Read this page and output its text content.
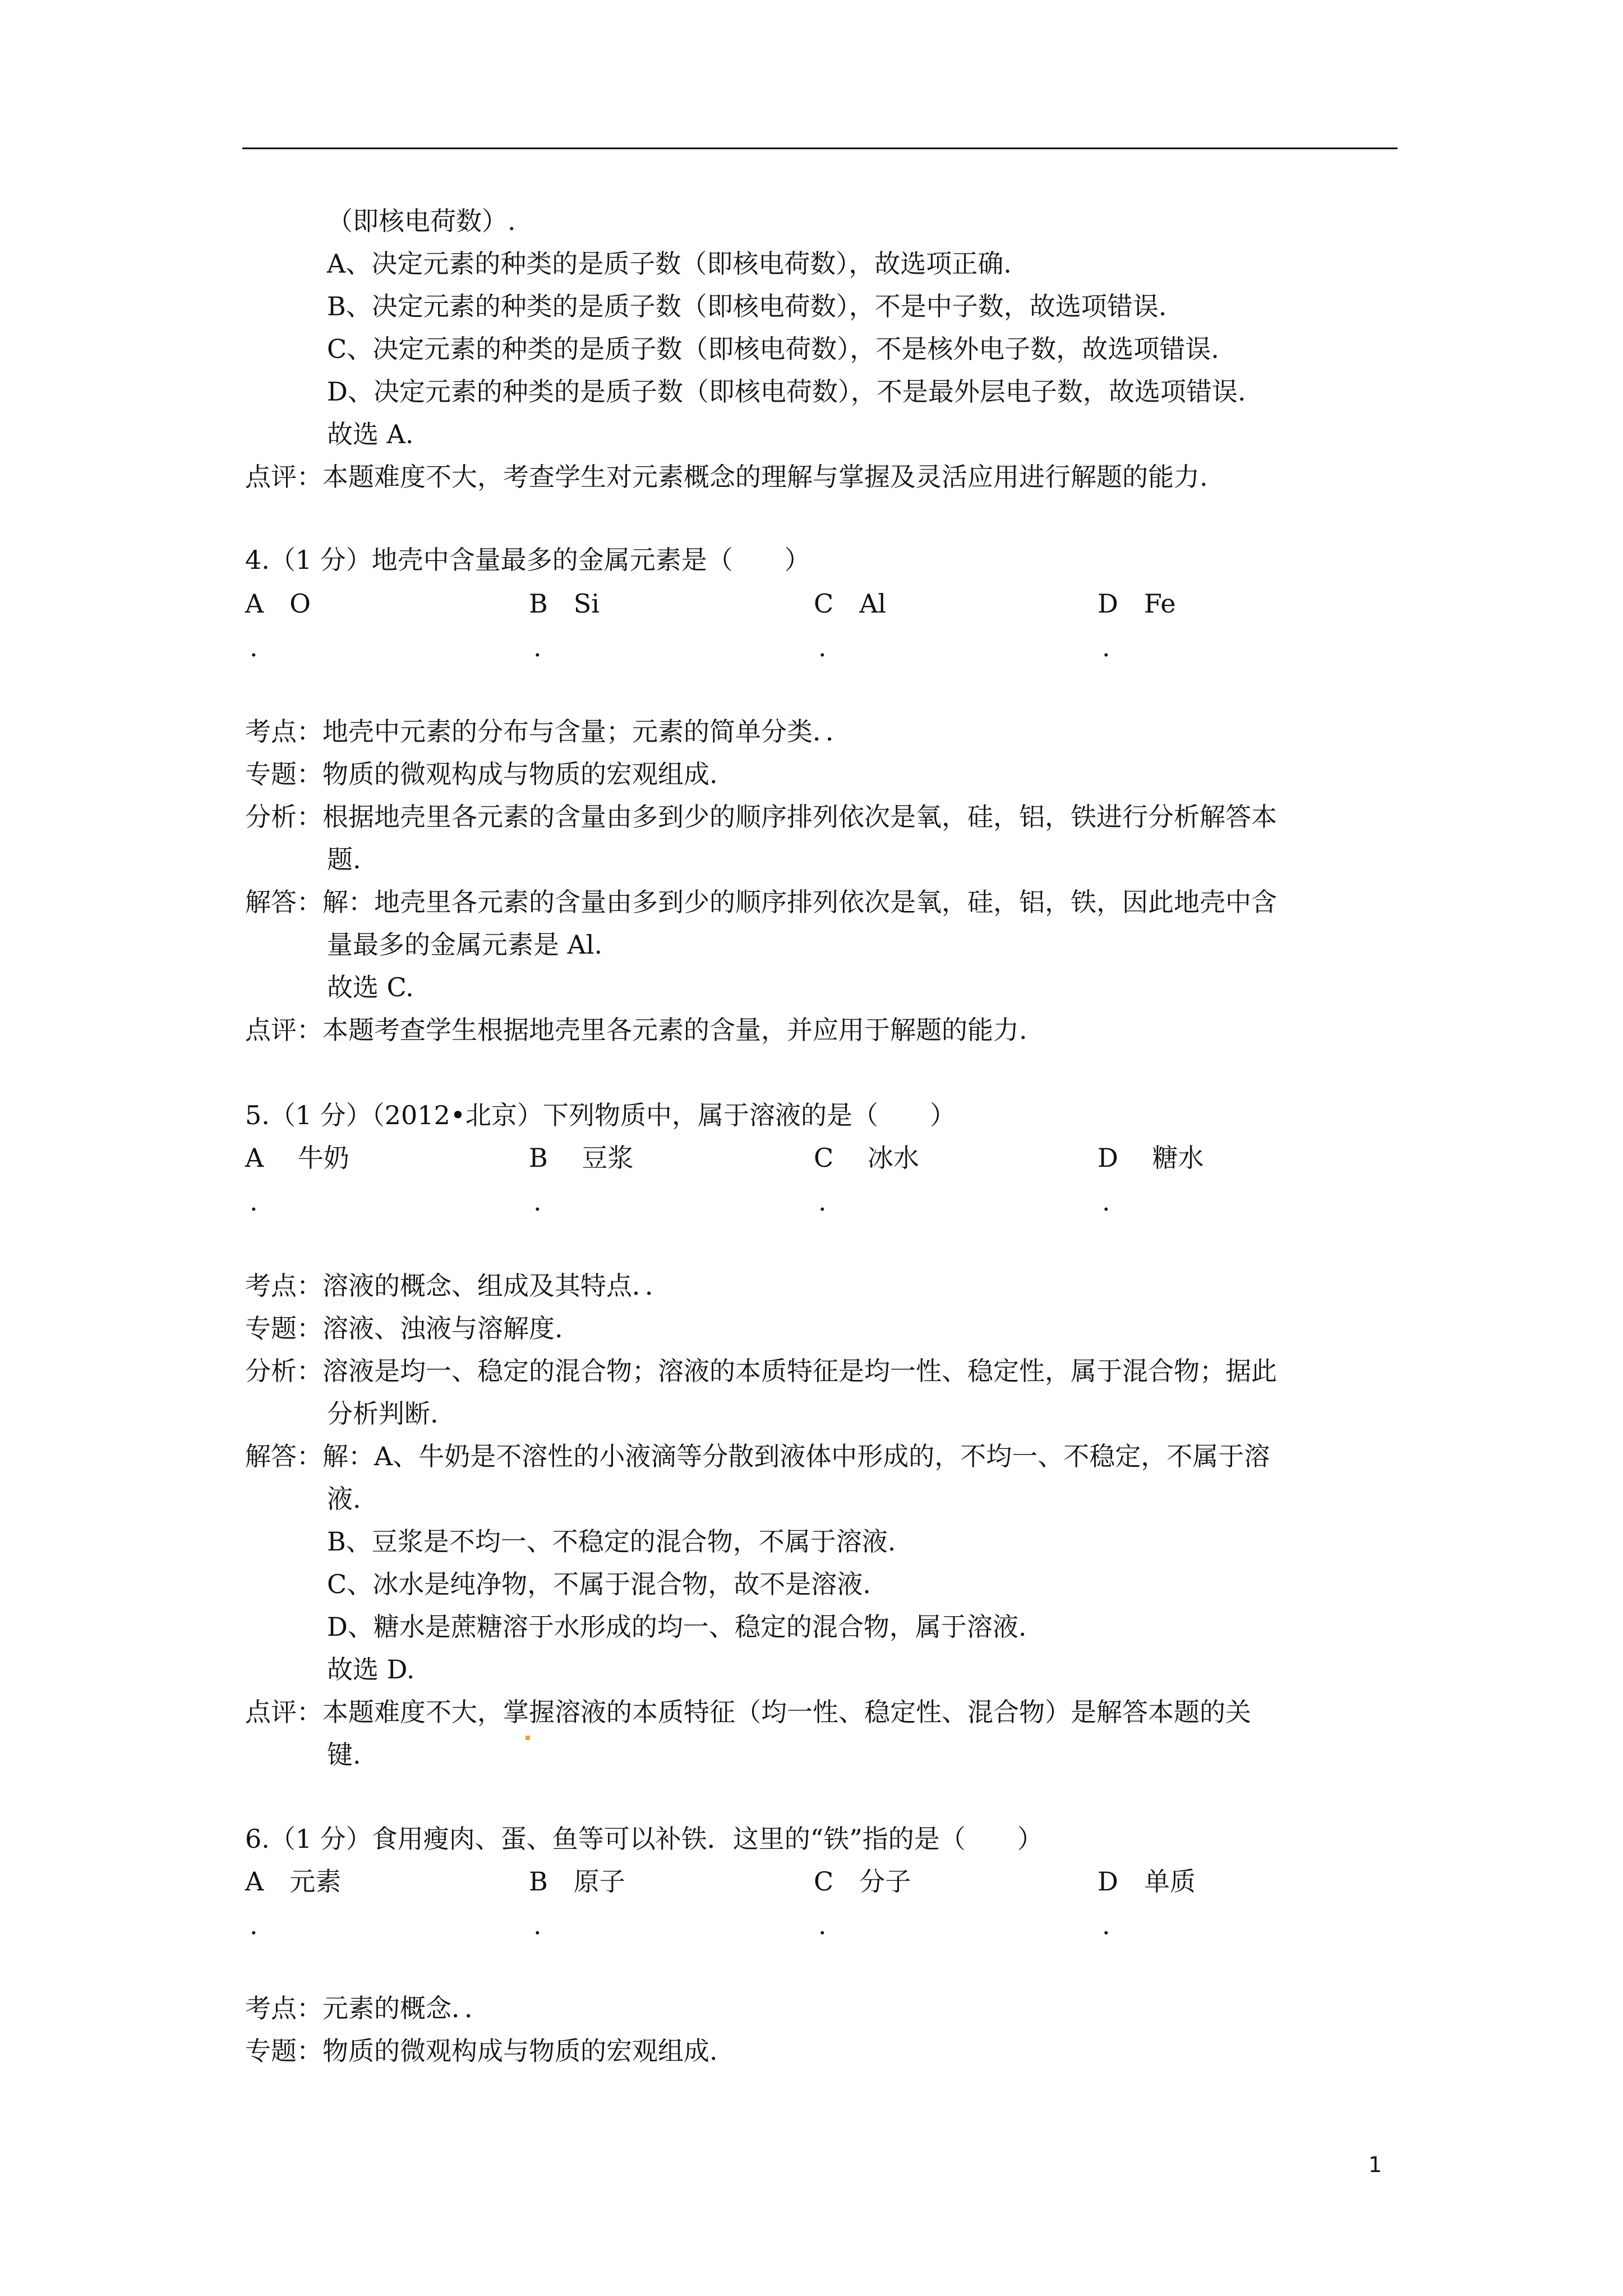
（即核电荷数）.
A、决定元素的种类的是质子数（即核电荷数），故选项正确.
B、决定元素的种类的是质子数（即核电荷数），不是中子数，故选项错误.
C、决定元素的种类的是质子数（即核电荷数），不是核外电子数，故选项错误.
D、决定元素的种类的是质子数（即核电荷数），不是最外层电子数，故选项错误.
故选 A.
点评：本题难度不大，考查学生对元素概念的理解与掌握及灵活应用进行解题的能力.
4.（1 分）地壳中含量最多的金属元素是（　　）
A　O	B　Si	C　Al	D　Fe
.	.	.	.
考点：地壳中元素的分布与含量；元素的简单分类．．
专题：物质的微观构成与物质的宏观组成.
分析：根据地壳里各元素的含量由多到少的顺序排列依次是氧，硅，铝，铁进行分析解答本
题.
解答：解：地壳里各元素的含量由多到少的顺序排列依次是氧，硅，铝，铁，因此地壳中含
量最多的金属元素是 Al.
故选 C.
点评：本题考查学生根据地壳里各元素的含量，并应用于解题的能力.
5.（1 分）（2012•北京）下列物质中，属于溶液的是（　　）
A　 牛奶	B　 豆浆	C　 冰水	D　 糖水
.	.	.	.
考点：溶液的概念、组成及其特点．．
专题：溶液、浊液与溶解度.
分析：溶液是均一、稳定的混合物；溶液的本质特征是均一性、稳定性，属于混合物；据此
分析判断.
解答：解：A、牛奶是不溶性的小液滴等分散到液体中形成的，不均一、不稳定，不属于溶
液.
B、豆浆是不均一、不稳定的混合物，不属于溶液.
C、冰水是纯净物，不属于混合物，故不是溶液.
D、糖水是蔗糖溶于水形成的均一、稳定的混合物，属于溶液.
故选 D.
点评：本题难度不大，掌握溶液的本质特征（均一性、稳定性、混合物）是解答本题的关
键.
6.（1 分）食用瘦肉、蛋、鱼等可以补铁．这里的“铁”指的是（　　）
A　元素	B　原子	C　分子	D　单质
.	.	.	.
考点：元素的概念．．
专题：物质的微观构成与物质的宏观组成.
1
